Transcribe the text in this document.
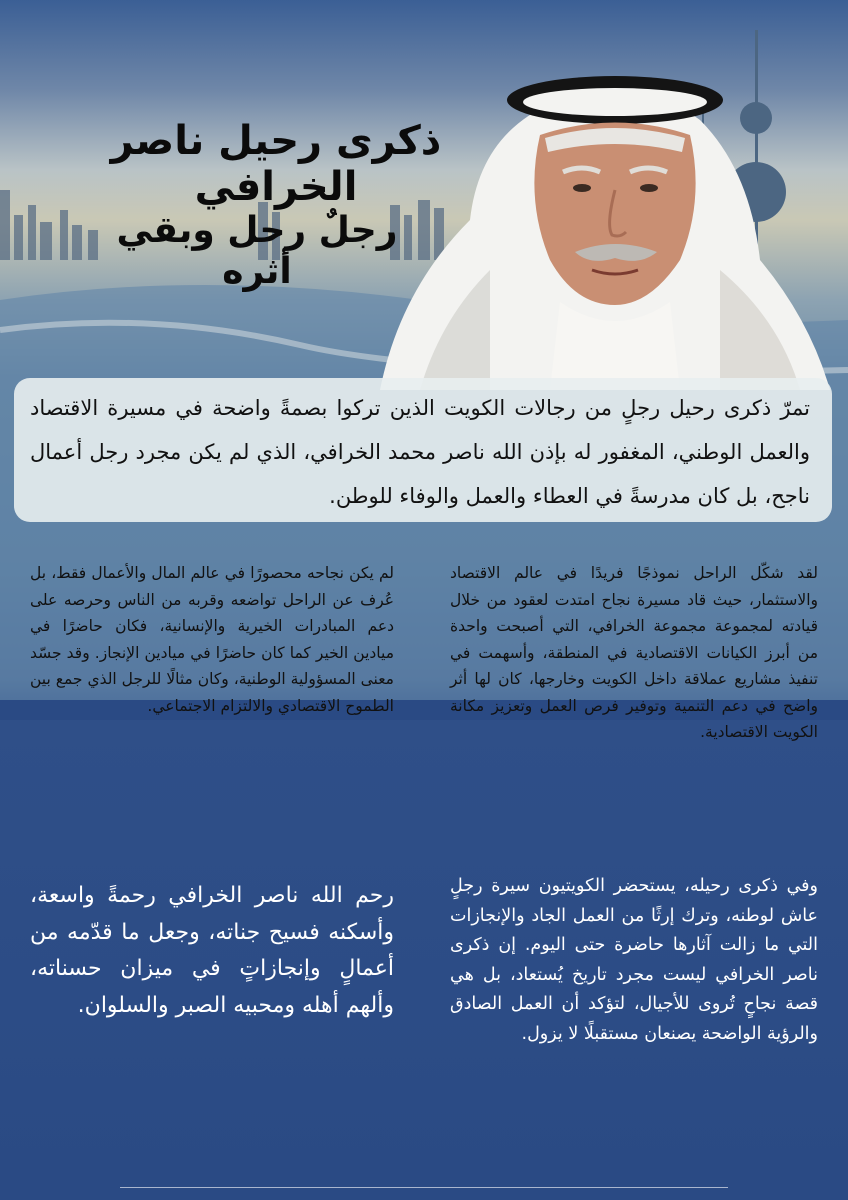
ذكرى رحيل ناصر الخرافي
رجلٌ رحل وبقي أثره

تمرّ ذكرى رحيل رجلٍ من رجالات الكويت الذين تركوا بصمةً واضحة في مسيرة الاقتصاد والعمل الوطني، المغفور له بإذن الله ناصر محمد الخرافي، الذي لم يكن مجرد رجل أعمال ناجح، بل كان مدرسةً في العطاء والعمل والوفاء للوطن.

لقد شكّل الراحل نموذجًا فريدًا في عالم الاقتصاد والاستثمار، حيث قاد مسيرة نجاح امتدت لعقود من خلال قيادته لمجموعة مجموعة الخرافي، التي أصبحت واحدة من أبرز الكيانات الاقتصادية في المنطقة، وأسهمت في تنفيذ مشاريع عملاقة داخل الكويت وخارجها، كان لها أثر واضح في دعم التنمية وتوفير فرص العمل وتعزيز مكانة الكويت الاقتصادية.

لم يكن نجاحه محصورًا في عالم المال والأعمال فقط، بل عُرف عن الراحل تواضعه وقربه من الناس وحرصه على دعم المبادرات الخيرية والإنسانية، فكان حاضرًا في ميادين الخير كما كان حاضرًا في ميادين الإنجاز. وقد جسّد معنى المسؤولية الوطنية، وكان مثالًا للرجل الذي جمع بين الطموح الاقتصادي والالتزام الاجتماعي.

وفي ذكرى رحيله، يستحضر الكويتيون سيرة رجلٍ عاش لوطنه، وترك إرثًا من العمل الجاد والإنجازات التي ما زالت آثارها حاضرة حتى اليوم. إن ذكرى ناصر الخرافي ليست مجرد تاريخ يُستعاد، بل هي قصة نجاحٍ تُروى للأجيال، لتؤكد أن العمل الصادق والرؤية الواضحة يصنعان مستقبلًا لا يزول.

رحم الله ناصر الخرافي رحمةً واسعة، وأسكنه فسيح جناته، وجعل ما قدّمه من أعمالٍ وإنجازاتٍ في ميزان حسناته، وألهم أهله ومحبيه الصبر والسلوان.
